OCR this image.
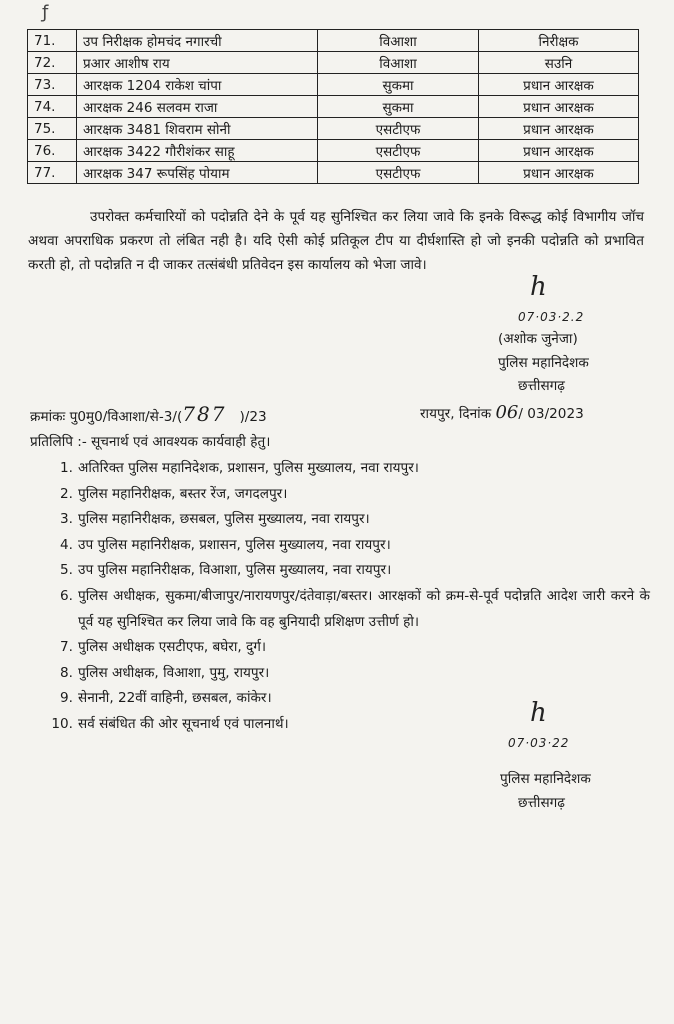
ƒ
71.	उप निरीक्षक होमचंद नगारची	विआशा	निरीक्षक
72.	प्रआर आशीष राय	विआशा	सउनि
73.	आरक्षक 1204 राकेश चांपा	सुकमा	प्रधान आरक्षक
74.	आरक्षक 246 सलवम राजा	सुकमा	प्रधान आरक्षक
75.	आरक्षक 3481 शिवराम सोनी	एसटीएफ	प्रधान आरक्षक
76.	आरक्षक 3422 गौरीशंकर साहू	एसटीएफ	प्रधान आरक्षक
77.	आरक्षक 347 रूपसिंह पोयाम	एसटीएफ	प्रधान आरक्षक
उपरोक्त कर्मचारियों को पदोन्नति देने के पूर्व यह सुनिश्चित कर लिया जावे कि इनके विरूद्ध कोई विभागीय जॉच अथवा अपराधिक प्रकरण तो लंबित नही है। यदि ऐसी कोई प्रतिकूल टीप या दीर्घशास्ति हो जो इनकी पदोन्नति को प्रभावित करती हो, तो पदोन्नति न दी जाकर तत्संबंधी प्रतिवेदन इस कार्यालय को भेजा जावे।
h
07·03·2.2
(अशोक जुनेजा)
पुलिस महानिदेशक
छत्तीसगढ़
क्रमांकः पु0मु0/विआशा/से-3/(787 )/23	रायपुर, दिनांक 06/ 03/2023
प्रतिलिपि :- सूचनार्थ एवं आवश्यक कार्यवाही हेतु।
1. अतिरिक्त पुलिस महानिदेशक, प्रशासन, पुलिस मुख्यालय, नवा रायपुर।
2. पुलिस महानिरीक्षक, बस्तर रेंज, जगदलपुर।
3. पुलिस महानिरीक्षक, छसबल, पुलिस मुख्यालय, नवा रायपुर।
4. उप पुलिस महानिरीक्षक, प्रशासन, पुलिस मुख्यालय, नवा रायपुर।
5. उप पुलिस महानिरीक्षक, विआशा, पुलिस मुख्यालय, नवा रायपुर।
6. पुलिस अधीक्षक, सुकमा/बीजापुर/नारायणपुर/दंतेवाड़ा/बस्तर। आरक्षकों को क्रम-से-पूर्व पदोन्नति आदेश जारी करने के पूर्व यह सुनिश्चित कर लिया जावे कि वह बुनियादी प्रशिक्षण उत्तीर्ण हो।
7. पुलिस अधीक्षक एसटीएफ, बघेरा, दुर्ग।
8. पुलिस अधीक्षक, विआशा, पुमु, रायपुर।
9. सेनानी, 22वीं वाहिनी, छसबल, कांकेर।
10. सर्व संबंधित की ओर सूचनार्थ एवं पालनार्थ।	h
07·03·22
पुलिस महानिदेशक
छत्तीसगढ़
